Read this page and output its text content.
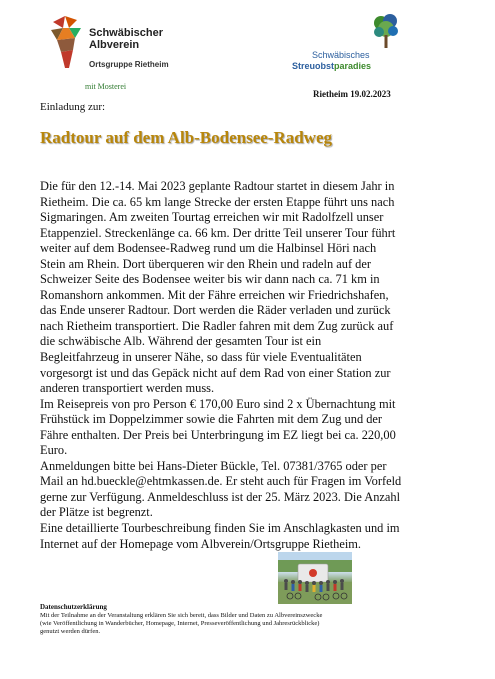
Schwäbischer
Albverein
Ortsgruppe Rietheim
mit Mosterei
Schwäbisches
Streuobstparadies
Rietheim 19.02.2023
Einladung zur:
Radtour auf dem Alb-Bodensee-Radweg

Die für den 12.-14. Mai 2023 geplante Radtour startet in diesem Jahr in

Rietheim. Die ca. 65 km lange Strecke der ersten Etappe führt uns nach

Sigmaringen. Am zweiten Tourtag erreichen wir mit Radolfzell unser

Etappenziel. Streckenlänge ca. 66 km. Der dritte Teil unserer Tour führt

weiter auf dem Bodensee-Radweg rund um die Halbinsel Höri nach

Stein am Rhein. Dort überqueren wir den Rhein und radeln auf der

Schweizer Seite des Bodensee weiter bis wir dann nach ca. 71 km in

Romanshorn ankommen. Mit der Fähre erreichen wir Friedrichshafen,

das Ende unserer Radtour. Dort werden die Räder verladen und zurück

nach Rietheim transportiert. Die Radler fahren mit dem Zug zurück auf

die schwäbische Alb. Während der gesamten Tour ist ein

Begleitfahrzeug in unserer Nähe, so dass für viele Eventualitäten

vorgesorgt ist und das Gepäck nicht auf dem Rad von einer Station zur

anderen transportiert werden muss.

Im Reisepreis von pro Person € 170,00 Euro sind 2 x Übernachtung mit

Frühstück im Doppelzimmer sowie die Fahrten mit dem Zug und der

Fähre enthalten. Der Preis bei Unterbringung im EZ liegt bei ca. 220,00

Euro.

Anmeldungen bitte bei Hans-Dieter Bückle, Tel. 07381/3765 oder per

Mail an hd.bueckle@ehtmkassen.de. Er steht auch für Fragen im Vorfeld

gerne zur Verfügung. Anmeldeschluss ist der 25. März 2023. Die Anzahl

der Plätze ist begrenzt.

Eine detaillierte Tourbeschreibung finden Sie im Anschlagkasten und im

Internet auf der Homepage vom Albverein/Ortsgruppe Rietheim.

Datenschutzerklärung

Mit der Teilnahme an der Veranstaltung erklären Sie sich bereit, dass Bilder und Daten zu Albvereinszwecke

(wie Veröffentlichung in Wanderbücher, Homepage, Internet, Presseveröffentlichung und Jahresrückblicke)

genutzt werden dürfen.
